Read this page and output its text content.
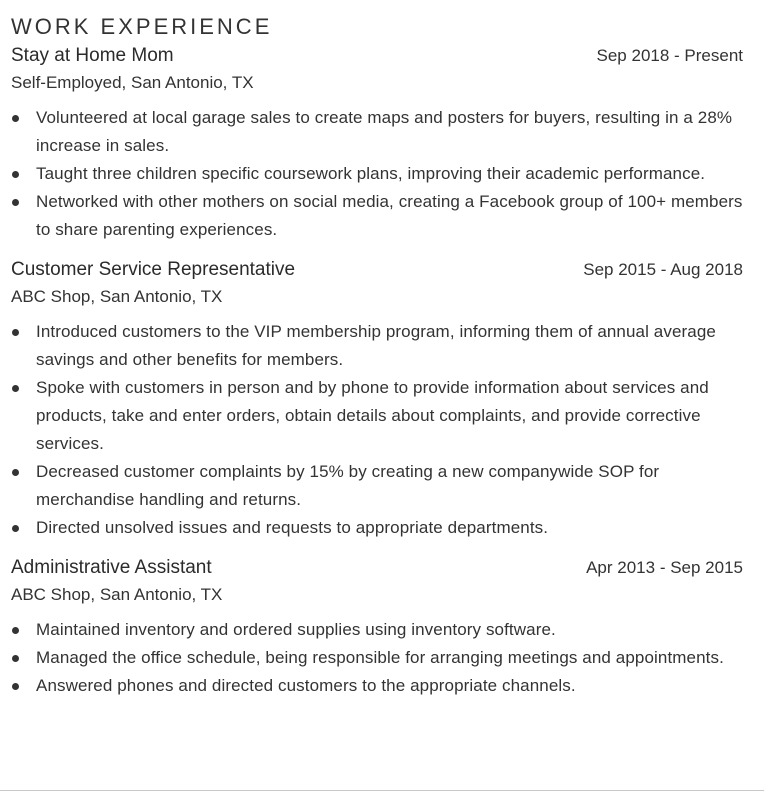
WORK EXPERIENCE
Stay at Home Mom	Sep 2018 - Present
Self-Employed, San Antonio, TX
Volunteered at local garage sales to create maps and posters for buyers, resulting in a 28% increase in sales.
Taught three children specific coursework plans, improving their academic performance.
Networked with other mothers on social media, creating a Facebook group of 100+ members to share parenting experiences.
Customer Service Representative	Sep 2015 - Aug 2018
ABC Shop, San Antonio, TX
Introduced customers to the VIP membership program, informing them of annual average savings and other benefits for members.
Spoke with customers in person and by phone to provide information about services and products, take and enter orders, obtain details about complaints, and provide corrective services.
Decreased customer complaints by 15% by creating a new companywide SOP for merchandise handling and returns.
Directed unsolved issues and requests to appropriate departments.
Administrative Assistant	Apr 2013 - Sep 2015
ABC Shop, San Antonio, TX
Maintained inventory and ordered supplies using inventory software.
Managed the office schedule, being responsible for arranging meetings and appointments.
Answered phones and directed customers to the appropriate channels.
